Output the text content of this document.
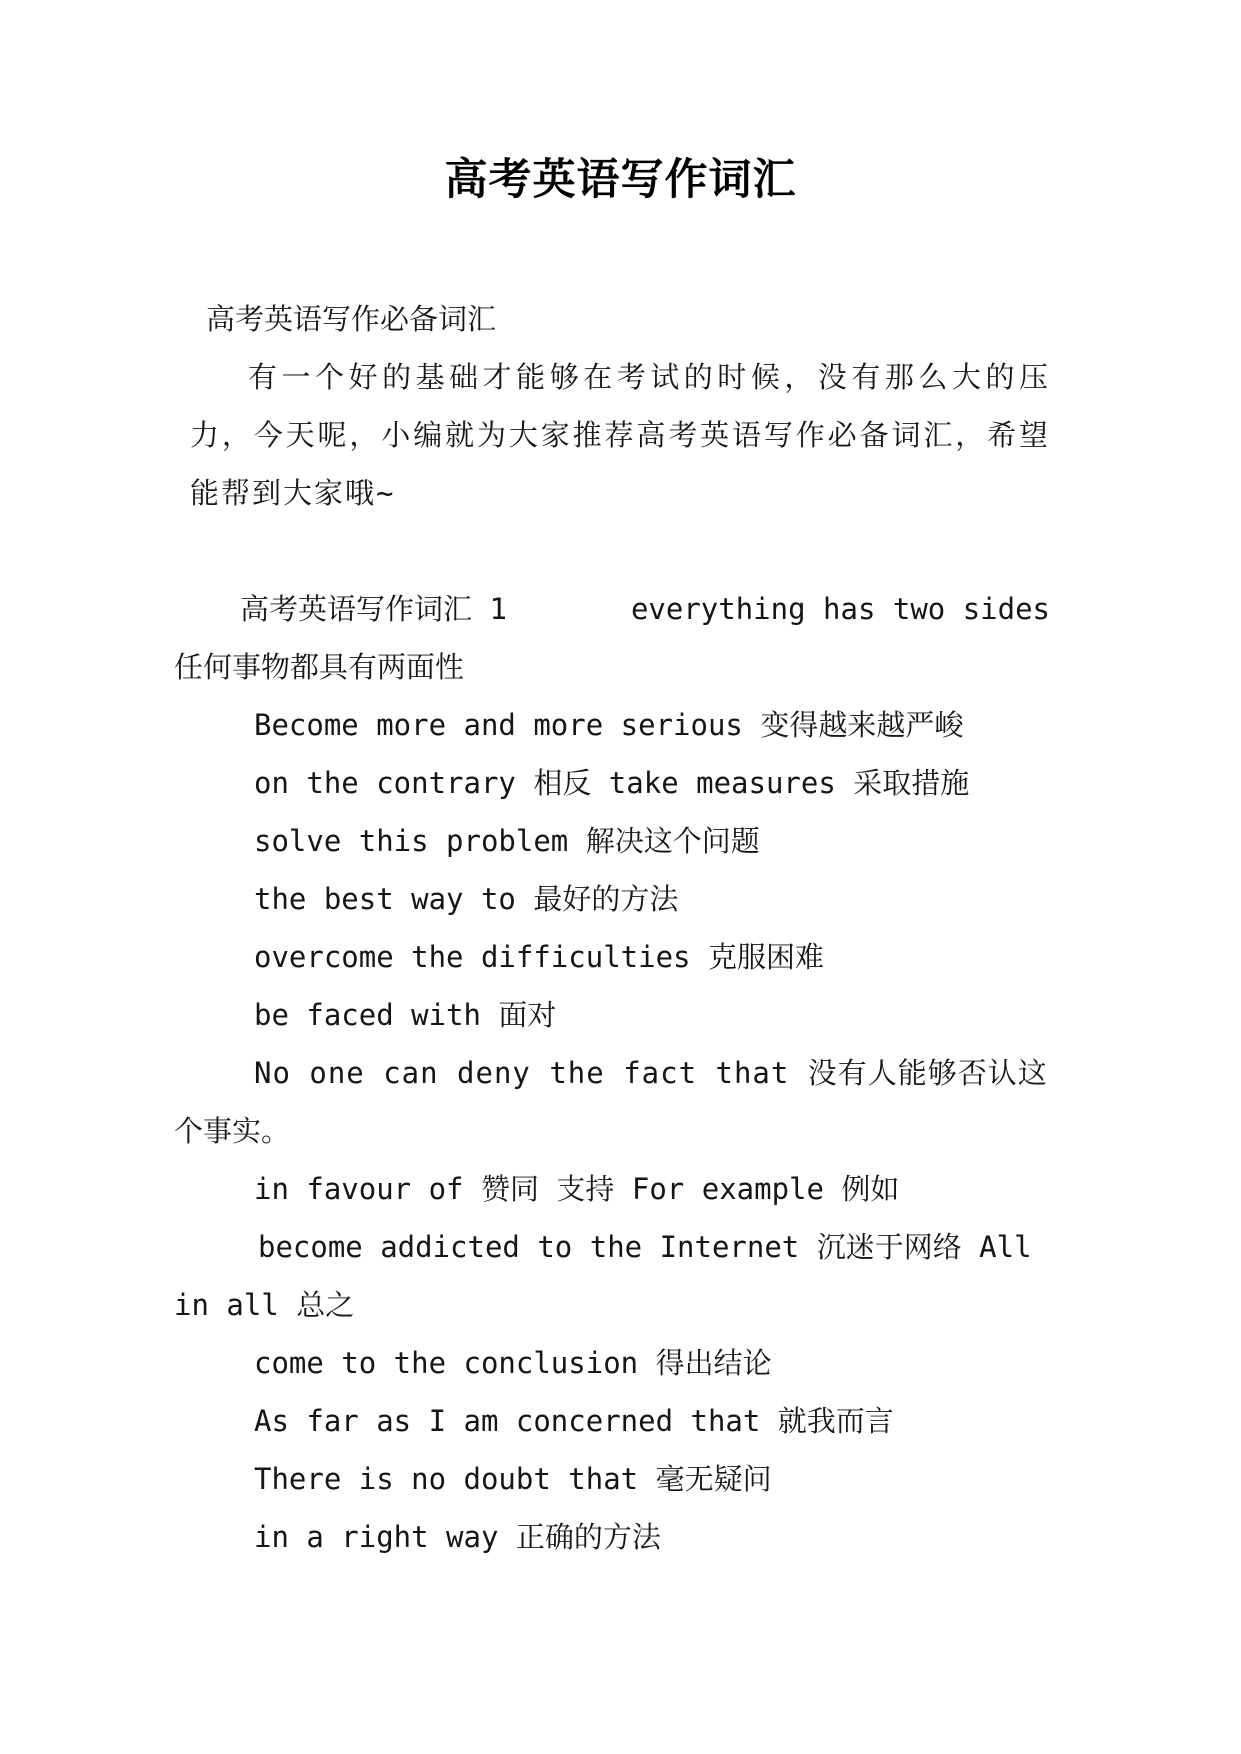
高考英语写作词汇
高考英语写作必备词汇
有一个好的基础才能够在考试的时候，没有那么大的压力，今天呢，小编就为大家推荐高考英语写作必备词汇，希望能帮到大家哦~
高考英语写作词汇 1	everything has two sides
任何事物都具有两面性
Become more and more serious 变得越来越严峻
on the contrary 相反 take measures 采取措施
solve this problem 解决这个问题
the best way to 最好的方法
overcome the difficulties 克服困难
be faced with 面对
No one can deny the fact that 没有人能够否认这
个事实。
in favour of 赞同 支持 For example 例如
become addicted to the Internet 沉迷于网络 All
in all 总之
come to the conclusion 得出结论
As far as I am concerned that 就我而言
There is no doubt that 毫无疑问
in a right way 正确的方法
